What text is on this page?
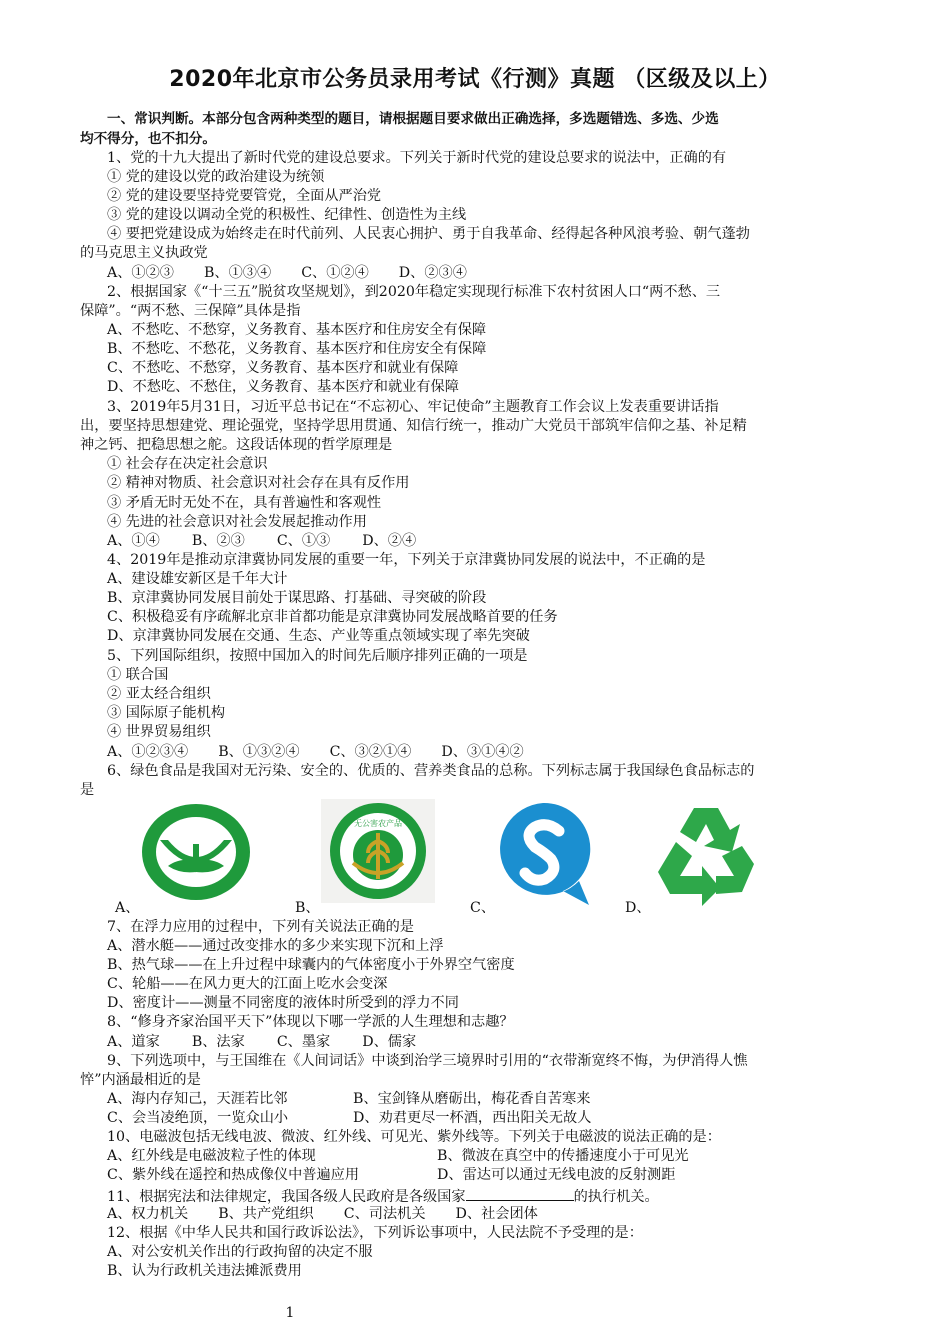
2020年北京市公务员录用考试《行测》真题 （区级及以上）
一、常识判断。本部分包含两种类型的题目，请根据题目要求做出正确选择，多选题错选、多选、少选
均不得分，也不扣分。
1、党的十九大提出了新时代党的建设总要求。下列关于新时代党的建设总要求的说法中，正确的有
① 党的建设以党的政治建设为统领
② 党的建设要坚持党要管党，全面从严治党
③ 党的建设以调动全党的积极性、纪律性、创造性为主线
④ 要把党建设成为始终走在时代前列、人民衷心拥护、勇于自我革命、经得起各种风浪考验、朝气蓬勃
的马克思主义执政党
A、①②③ B、①③④ C、①②④ D、②③④
2、根据国家《“十三五”脱贫攻坚规划》，到2020年稳定实现现行标准下农村贫困人口“两不愁、三
保障”。“两不愁、三保障”具体是指
A、不愁吃、不愁穿，义务教育、基本医疗和住房安全有保障
B、不愁吃、不愁花，义务教育、基本医疗和住房安全有保障
C、不愁吃、不愁穿，义务教育、基本医疗和就业有保障
D、不愁吃、不愁住，义务教育、基本医疗和就业有保障
3、2019年5月31日，习近平总书记在“不忘初心、牢记使命”主题教育工作会议上发表重要讲话指
出，要坚持思想建党、理论强党，坚持学思用贯通、知信行统一，推动广大党员干部筑牢信仰之基、补足精
神之钙、把稳思想之舵。这段话体现的哲学原理是
① 社会存在决定社会意识
② 精神对物质、社会意识对社会存在具有反作用
③ 矛盾无时无处不在，具有普遍性和客观性
④ 先进的社会意识对社会发展起推动作用
A、①④ B、②③ C、①③ D、②④
4、2019年是推动京津冀协同发展的重要一年，下列关于京津冀协同发展的说法中，不正确的是
A、建设雄安新区是千年大计
B、京津冀协同发展目前处于谋思路、打基础、寻突破的阶段
C、积极稳妥有序疏解北京非首都功能是京津冀协同发展战略首要的任务
D、京津冀协同发展在交通、生态、产业等重点领域实现了率先突破
5、下列国际组织，按照中国加入的时间先后顺序排列正确的一项是
① 联合国
② 亚太经合组织
③ 国际原子能机构
④ 世界贸易组织
A、①②③④ B、①③②④ C、③②①④ D、③①④②
6、绿色食品是我国对无污染、安全的、优质的、营养类食品的总称。下列标志属于我国绿色食品标志的
是
A、
无公害农产品
B、	C、	D、
7、在浮力应用的过程中，下列有关说法正确的是
A、潜水艇——通过改变排水的多少来实现下沉和上浮
B、热气球——在上升过程中球囊内的气体密度小于外界空气密度
C、轮船——在风力更大的江面上吃水会变深
D、密度计——测量不同密度的液体时所受到的浮力不同
8、“修身齐家治国平天下”体现以下哪一学派的人生理想和志趣？
A、道家 B、法家 C、墨家 D、儒家
9、下列选项中，与王国维在《人间词话》中谈到治学三境界时引用的“衣带渐宽终不悔，为伊消得人憔
悴”内涵最相近的是
A、海内存知己，天涯若比邻	B、宝剑锋从磨砺出，梅花香自苦寒来
C、会当凌绝顶，一览众山小	D、劝君更尽一杯酒，西出阳关无故人
10、电磁波包括无线电波、微波、红外线、可见光、紫外线等。下列关于电磁波的说法正确的是：
A、红外线是电磁波粒子性的体现	B、微波在真空中的传播速度小于可见光
C、紫外线在遥控和热成像仪中普遍应用	D、雷达可以通过无线电波的反射测距
11、根据宪法和法律规定，我国各级人民政府是各级国家	的执行机关。
A、权力机关 B、共产党组织 C、司法机关 D、社会团体
12、根据《中华人民共和国行政诉讼法》，下列诉讼事项中，人民法院不予受理的是：
A、对公安机关作出的行政拘留的决定不服
B、认为行政机关违法摊派费用
1
